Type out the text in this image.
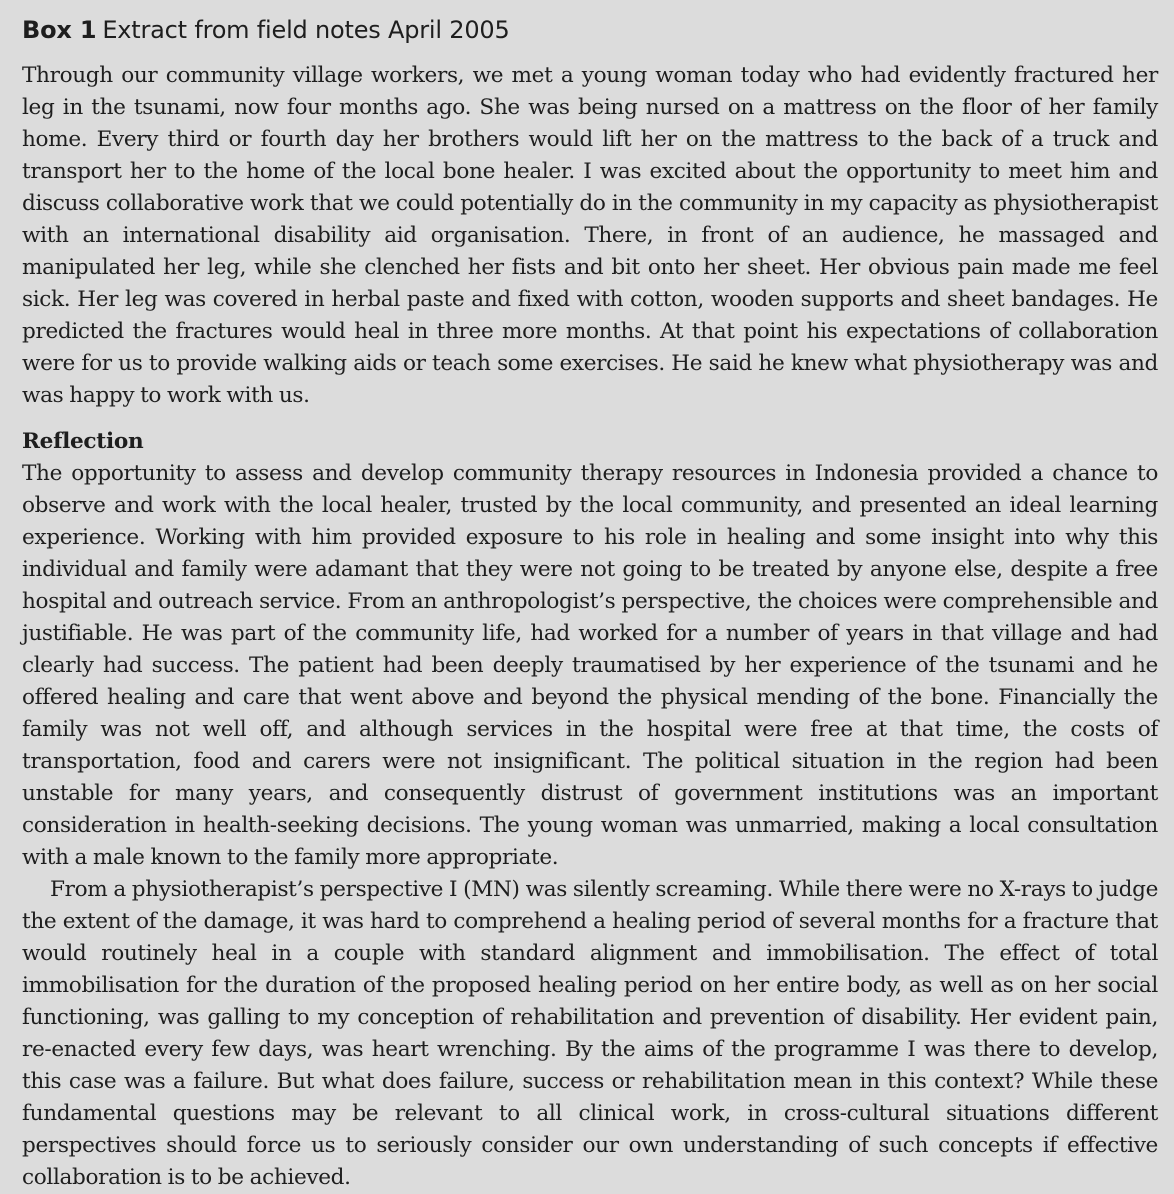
Box 1 Extract from field notes April 2005

Through our community village workers, we met a young woman today who had evidently fractured her leg in the tsunami, now four months ago. She was being nursed on a mattress on the floor of her family home. Every third or fourth day her brothers would lift her on the mattress to the back of a truck and transport her to the home of the local bone healer. I was excited about the opportunity to meet him and discuss collaborative work that we could potentially do in the community in my capacity as physiotherapist with an international disability aid organisation. There, in front of an audience, he massaged and manipulated her leg, while she clenched her fists and bit onto her sheet. Her obvious pain made me feel sick. Her leg was covered in herbal paste and fixed with cotton, wooden supports and sheet bandages. He predicted the fractures would heal in three more months. At that point his expectations of collaboration were for us to provide walking aids or teach some exercises. He said he knew what physiotherapy was and was happy to work with us.

Reflection

The opportunity to assess and develop community therapy resources in Indonesia provided a chance to observe and work with the local healer, trusted by the local community, and presented an ideal learning experience. Working with him provided exposure to his role in healing and some insight into why this individual and family were adamant that they were not going to be treated by anyone else, despite a free hospital and outreach service. From an anthropologist’s perspective, the choices were comprehensible and justifiable. He was part of the community life, had worked for a number of years in that village and had clearly had success. The patient had been deeply traumatised by her experience of the tsunami and he offered healing and care that went above and beyond the physical mending of the bone. Financially the family was not well off, and although services in the hospital were free at that time, the costs of transportation, food and carers were not insignificant. The political situation in the region had been unstable for many years, and consequently distrust of government institutions was an important consideration in health-seeking decisions. The young woman was unmarried, making a local consultation with a male known to the family more appropriate.

From a physiotherapist’s perspective I (MN) was silently screaming. While there were no X-rays to judge the extent of the damage, it was hard to comprehend a healing period of several months for a fracture that would routinely heal in a couple with standard alignment and immobilisation. The effect of total immobilisation for the duration of the proposed healing period on her entire body, as well as on her social functioning, was galling to my conception of rehabilitation and prevention of disability. Her evident pain, re-enacted every few days, was heart wrenching. By the aims of the programme I was there to develop, this case was a failure. But what does failure, success or rehabilitation mean in this context? While these fundamental questions may be relevant to all clinical work, in cross-cultural situations different perspectives should force us to seriously consider our own understanding of such concepts if effective collaboration is to be achieved.
